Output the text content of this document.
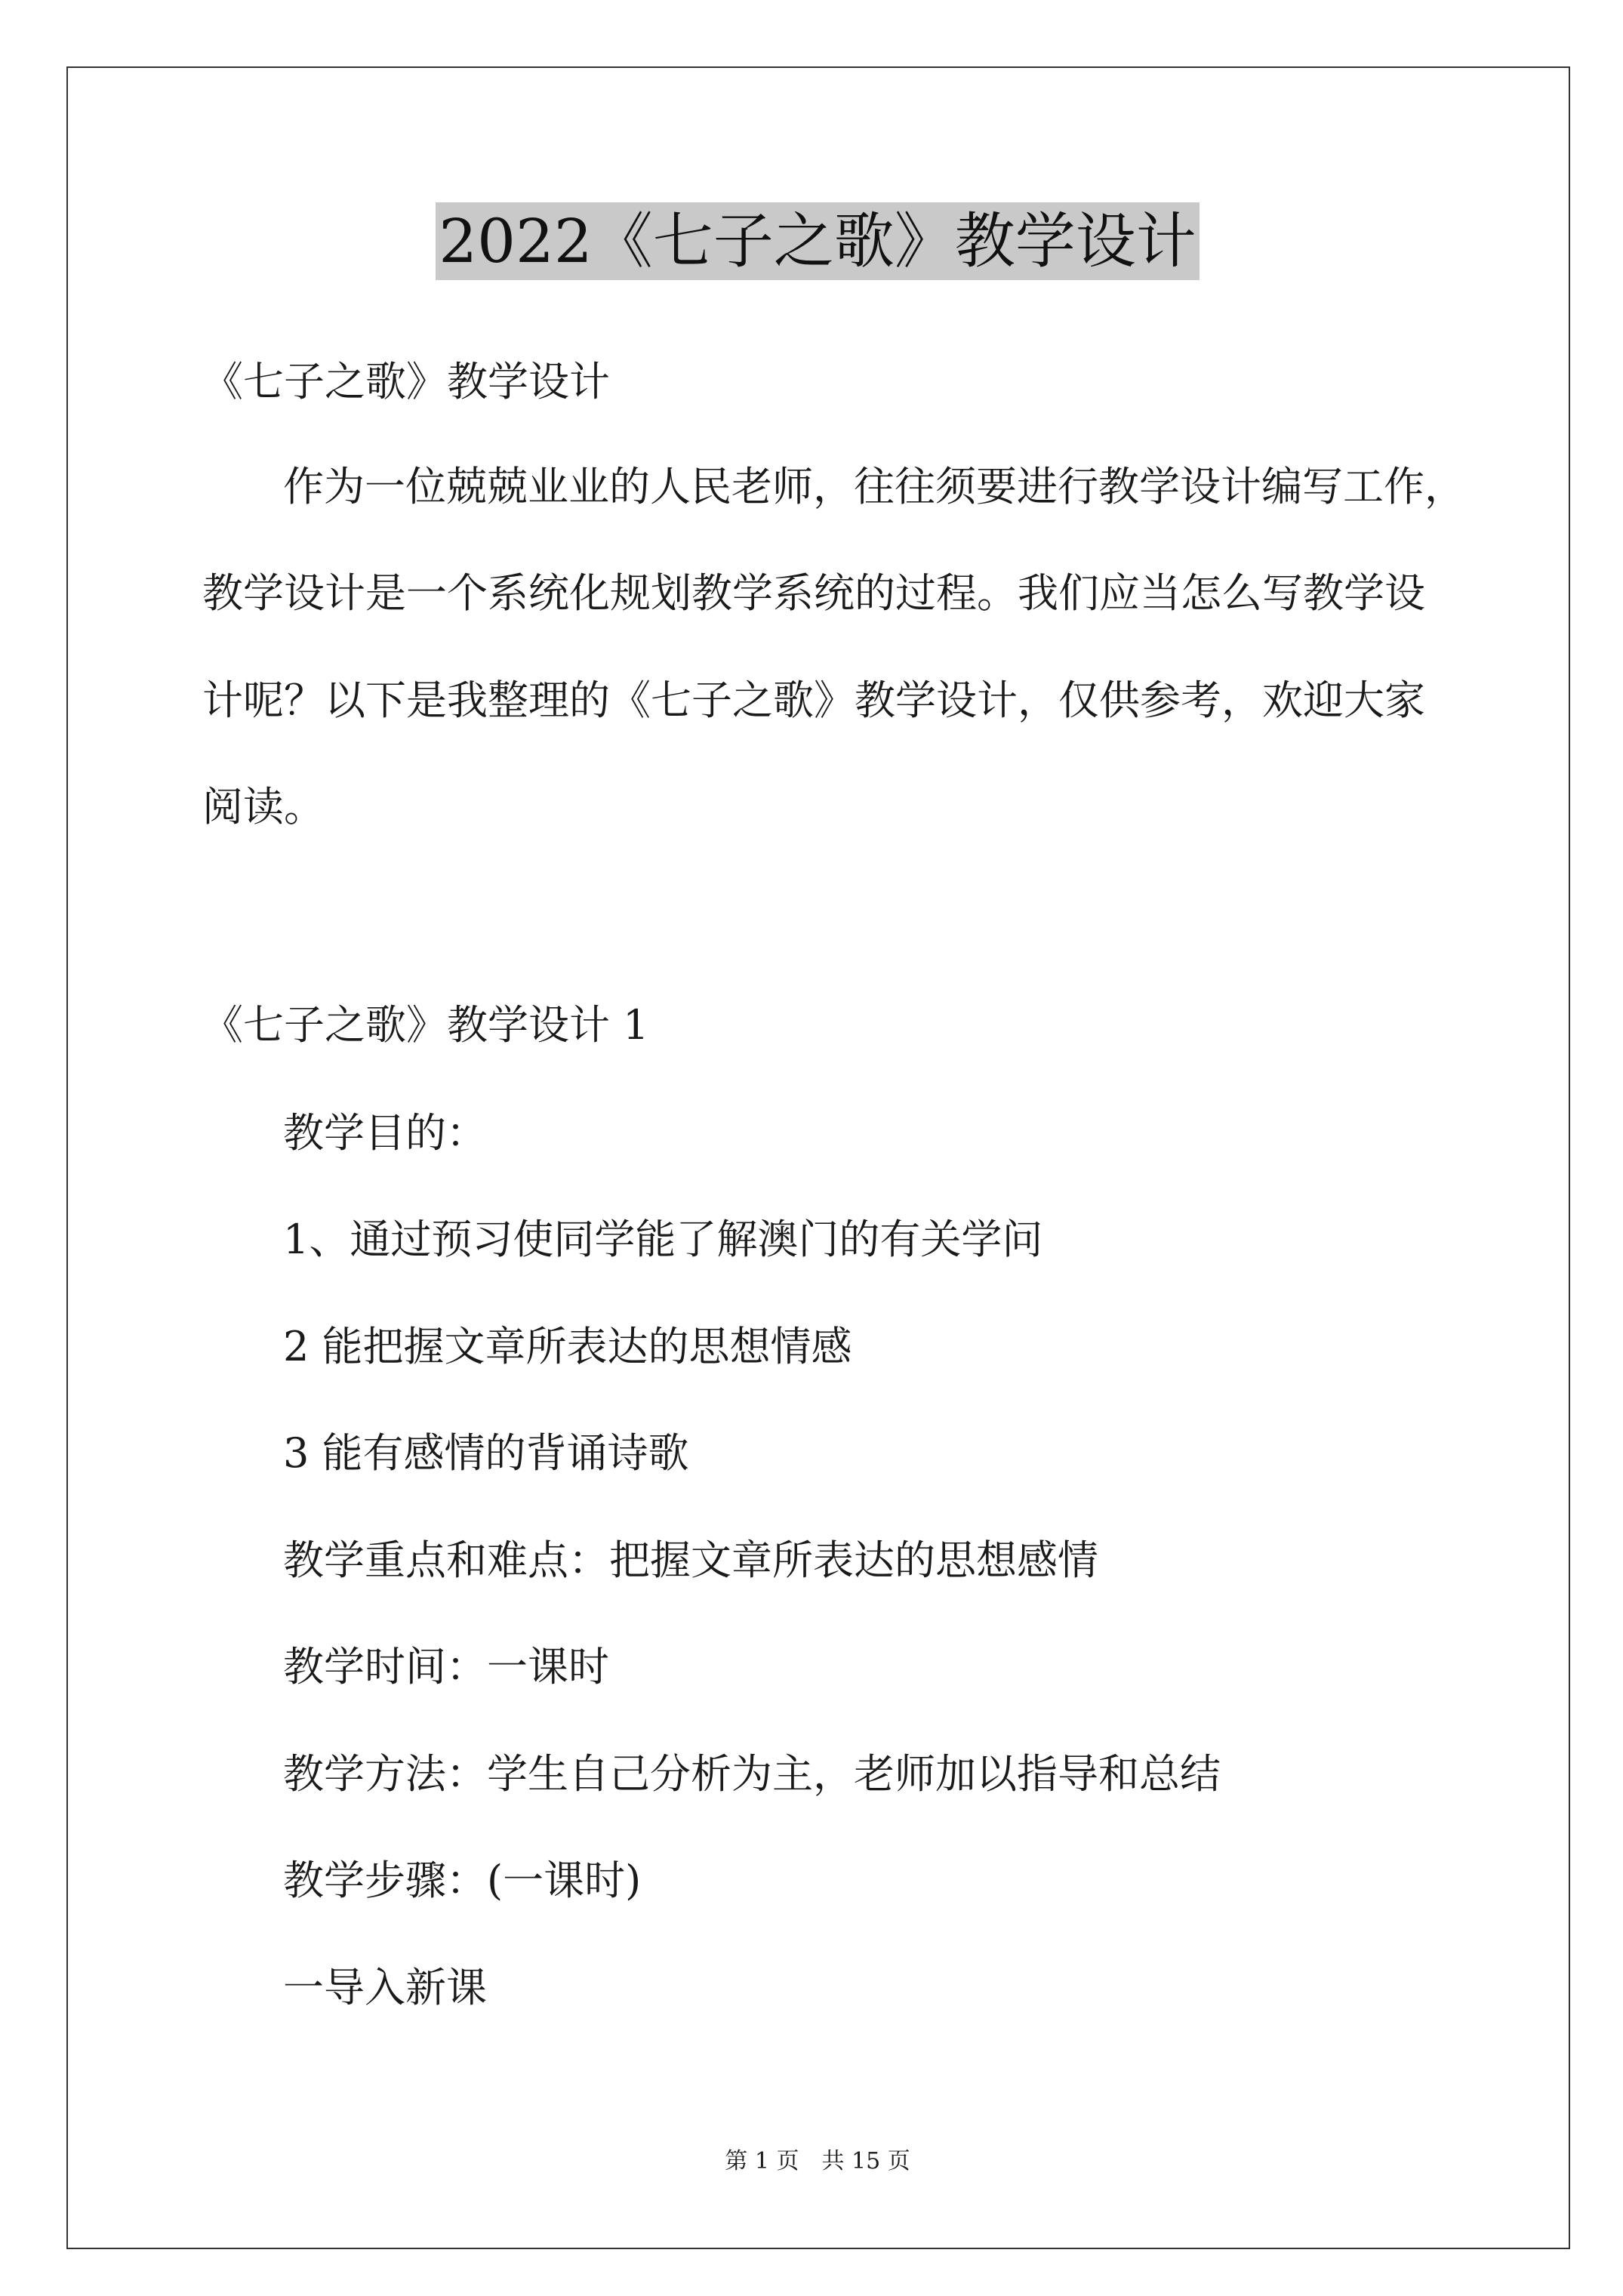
2022《七子之歌》教学设计
《七子之歌》教学设计
作为一位兢兢业业的人民老师，往往须要进行教学设计编写工作，
教学设计是一个系统化规划教学系统的过程。我们应当怎么写教学设
计呢？以下是我整理的《七子之歌》教学设计，仅供参考，欢迎大家
阅读。
《七子之歌》教学设计 1
教学目的：
1、通过预习使同学能了解澳门的有关学问
2 能把握文章所表达的思想情感
3 能有感情的背诵诗歌
教学重点和难点：把握文章所表达的思想感情
教学时间：一课时
教学方法：学生自己分析为主，老师加以指导和总结
教学步骤：(一课时)
一导入新课
第 1 页　共 15 页
